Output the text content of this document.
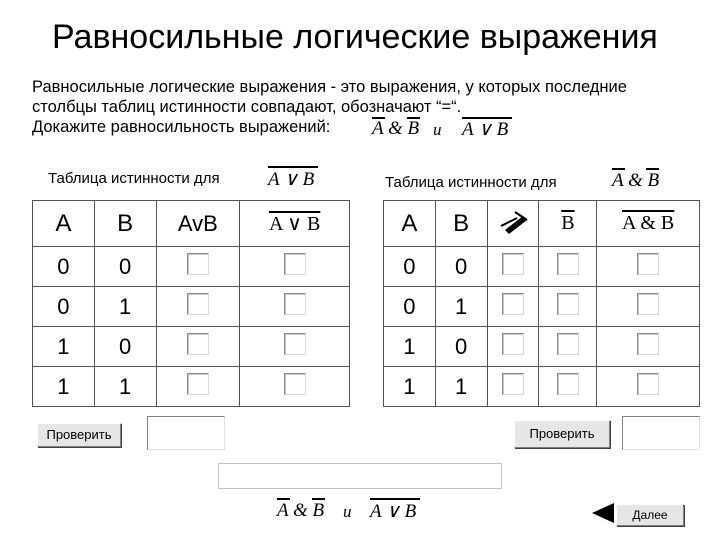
Равносильные логические выражения
Равносильные логические выражения - это выражения, у которых последние
столбцы таблиц истинности совпадают, обозначают “=“.
Докажите равносильность выражений:	A & B и A ∨ B
Таблица истинности для	A ∨ B	Таблица истинности для	A & B
A	B	AvB	A ∨ B
0	0		
0	1		
1	0		
1	1		
A	B		$\overline{B}$	A & B
0	0			
0	1			
1	0			
1	1			
Проверить	Проверить
A & B и A ∨ B	Далее
